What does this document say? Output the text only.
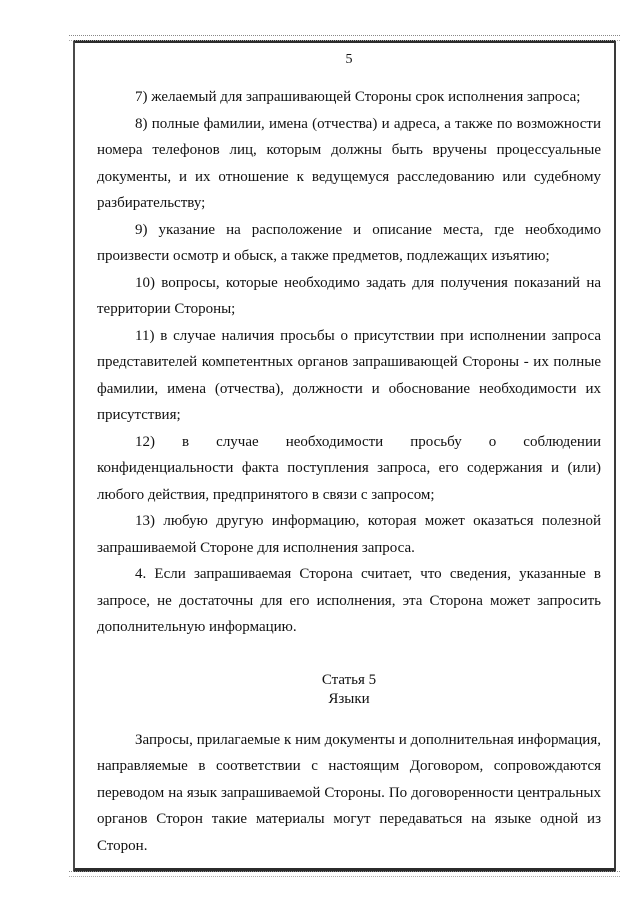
5

7) желаемый для запрашивающей Стороны срок исполнения запроса;

8) полные фамилии, имена (отчества) и адреса, а также по возможности номера телефонов лиц, которым должны быть вручены процессуальные документы, и их отношение к ведущемуся расследованию или судебному разбирательству;

9) указание на расположение и описание места, где необходимо произвести осмотр и обыск, а также предметов, подлежащих изъятию;

10) вопросы, которые необходимо задать для получения показаний на территории Стороны;

11) в случае наличия просьбы о присутствии при исполнении запроса представителей компетентных органов запрашивающей Стороны - их полные фамилии, имена (отчества), должности и обоснование необходимости их присутствия;

12) в случае необходимости просьбу о соблюдении конфиденциальности факта поступления запроса, его содержания и (или) любого действия, предпринятого в связи с запросом;

13) любую другую информацию, которая может оказаться полезной запрашиваемой Стороне для исполнения запроса.

4. Если запрашиваемая Сторона считает, что сведения, указанные в запросе, не достаточны для его исполнения, эта Сторона может запросить дополнительную информацию.

Статья 5

Языки

Запросы, прилагаемые к ним документы и дополнительная информация, направляемые в соответствии с настоящим Договором, сопровождаются переводом на язык запрашиваемой Стороны. По договоренности центральных органов Сторон такие материалы могут передаваться на языке одной из Сторон.
